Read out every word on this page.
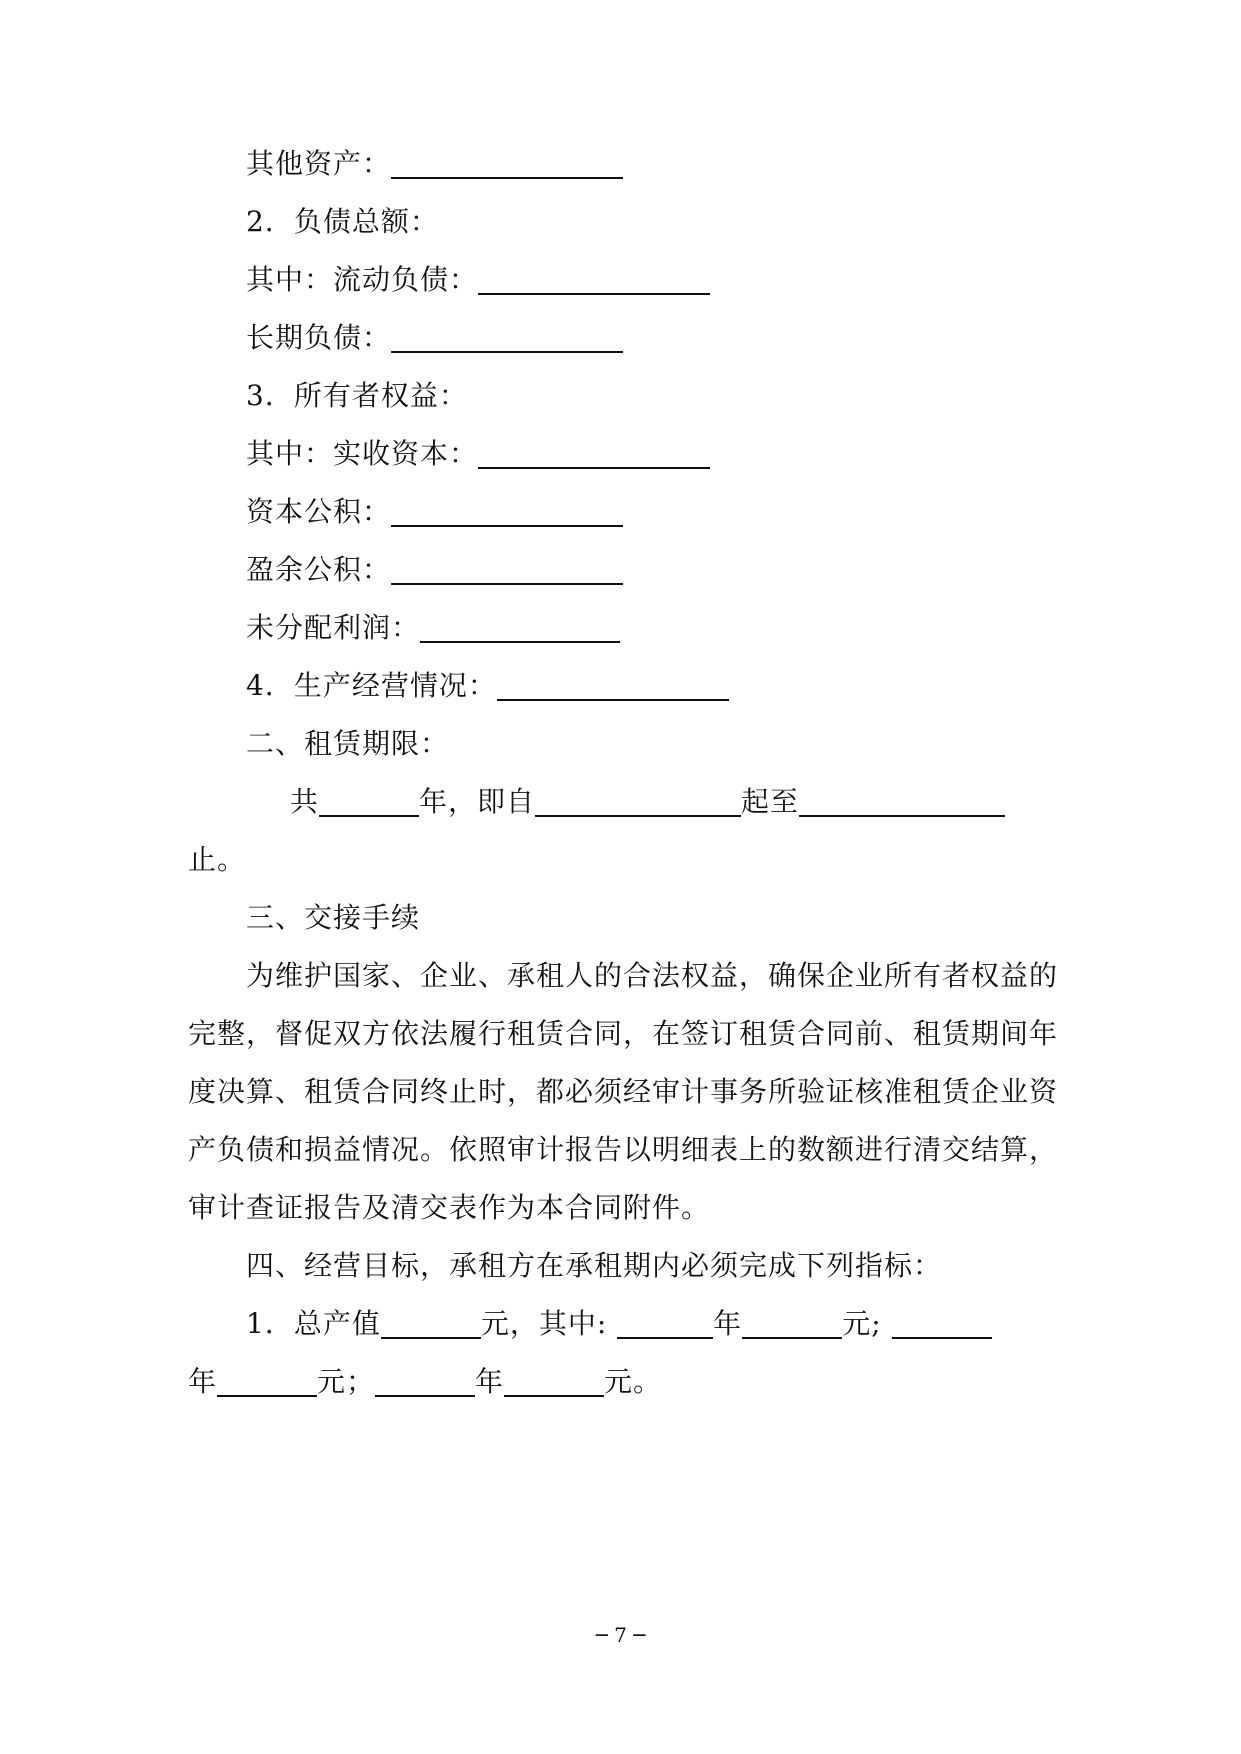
其他资产：
2．负债总额：
其中：流动负债：
长期负债：
3．所有者权益：
其中：实收资本：
资本公积：
盈余公积：
未分配利润：
4．生产经营情况：
二、租赁期限：
共	年，即自	起至
止。
三、交接手续
为维护国家、企业、承租人的合法权益，确保企业所有者权益的
完整，督促双方依法履行租赁合同，在签订租赁合同前、租赁期间年
度决算、租赁合同终止时，都必须经审计事务所验证核准租赁企业资
产负债和损益情况。依照审计报告以明细表上的数额进行清交结算，
审计查证报告及清交表作为本合同附件。
四、经营目标，承租方在承租期内必须完成下列指标：
1．总产值	元，其中:	年	元;
年	元；	年	元。
─ 7 ─
